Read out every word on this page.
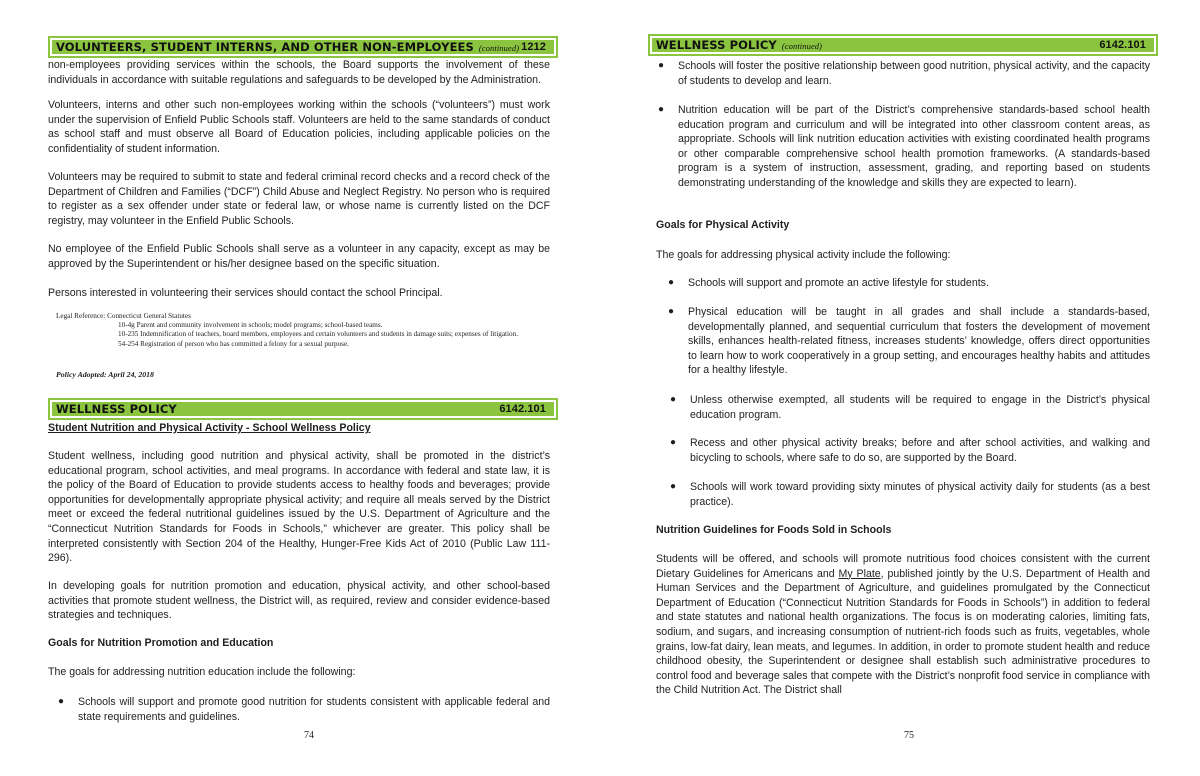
VOLUNTEERS, STUDENT INTERNS, AND OTHER NON-EMPLOYEES (continued) 1212

non-employees providing services within the schools, the Board supports the involvement of these individuals in accordance with suitable regulations and safeguards to be developed by the Administration.

Volunteers, interns and other such non-employees working within the schools (“volunteers”) must work under the supervision of Enfield Public Schools staff. Volunteers are held to the same standards of conduct as school staff and must observe all Board of Education policies, including applicable policies on the confidentiality of student information.

Volunteers may be required to submit to state and federal criminal record checks and a record check of the Department of Children and Families (“DCF”) Child Abuse and Neglect Registry. No person who is required to register as a sex offender under state or federal law, or whose name is currently listed on the DCF registry, may volunteer in the Enfield Public Schools.

No employee of the Enfield Public Schools shall serve as a volunteer in any capacity, except as may be approved by the Superintendent or his/her designee based on the specific situation.

Persons interested in volunteering their services should contact the school Principal.

Legal Reference: Connecticut General Statutes
10-4g Parent and community involvement in schools; model programs; school-based teams.
10-235 Indemnification of teachers, board members, employees and certain volunteers and students in damage suits; expenses of litigation.
54-254 Registration of person who has committed a felony for a sexual purpose.

Policy Adopted: April 24, 2018

WELLNESS POLICY	6142.101

Student Nutrition and Physical Activity - School Wellness Policy

Student wellness, including good nutrition and physical activity, shall be promoted in the district’s educational program, school activities, and meal programs. In accordance with federal and state law, it is the policy of the Board of Education to provide students access to healthy foods and beverages; provide opportunities for developmentally appropriate physical activity; and require all meals served by the District meet or exceed the federal nutritional guidelines issued by the U.S. Department of Agriculture and the “Connecticut Nutrition Standards for Foods in Schools,” whichever are greater. This policy shall be interpreted consistently with Section 204 of the Healthy, Hunger-Free Kids Act of 2010 (Public Law 111-296).

In developing goals for nutrition promotion and education, physical activity, and other school-based activities that promote student wellness, the District will, as required, review and consider evidence-based strategies and techniques.

Goals for Nutrition Promotion and Education

The goals for addressing nutrition education include the following:

●	Schools will support and promote good nutrition for students consistent with applicable federal and state requirements and guidelines.
74
WELLNESS POLICY (continued)	6142.101
●	Schools will foster the positive relationship between good nutrition, physical activity, and the capacity of students to develop and learn.
●	Nutrition education will be part of the District’s comprehensive standards-based school health education program and curriculum and will be integrated into other classroom content areas, as appropriate. Schools will link nutrition education activities with existing coordinated health programs or other comparable comprehensive school health promotion frameworks. (A standards-based program is a system of instruction, assessment, grading, and reporting based on students demonstrating understanding of the knowledge and skills they are expected to learn).

Goals for Physical Activity

The goals for addressing physical activity include the following:

●	Schools will support and promote an active lifestyle for students.
●	Physical education will be taught in all grades and shall include a standards-based, developmentally planned, and sequential curriculum that fosters the development of movement skills, enhances health-related fitness, increases students’ knowledge, offers direct opportunities to learn how to work cooperatively in a group setting, and encourages healthy habits and attitudes for a healthy lifestyle.
●	Unless otherwise exempted, all students will be required to engage in the District’s physical education program.
●	Recess and other physical activity breaks; before and after school activities, and walking and bicycling to schools, where safe to do so, are supported by the Board.
●	Schools will work toward providing sixty minutes of physical activity daily for students (as a best practice).

Nutrition Guidelines for Foods Sold in Schools

Students will be offered, and schools will promote nutritious food choices consistent with the current Dietary Guidelines for Americans and My Plate, published jointly by the U.S. Department of Health and Human Services and the Department of Agriculture, and guidelines promulgated by the Connecticut Department of Education (“Connecticut Nutrition Standards for Foods in Schools”) in addition to federal and state statutes and national health organizations. The focus is on moderating calories, limiting fats, sodium, and sugars, and increasing consumption of nutrient-rich foods such as fruits, vegetables, whole grains, low-fat dairy, lean meats, and legumes. In addition, in order to promote student health and reduce childhood obesity, the Superintendent or designee shall establish such administrative procedures to control food and beverage sales that compete with the District’s nonprofit food service in compliance with the Child Nutrition Act. The District shall

75
